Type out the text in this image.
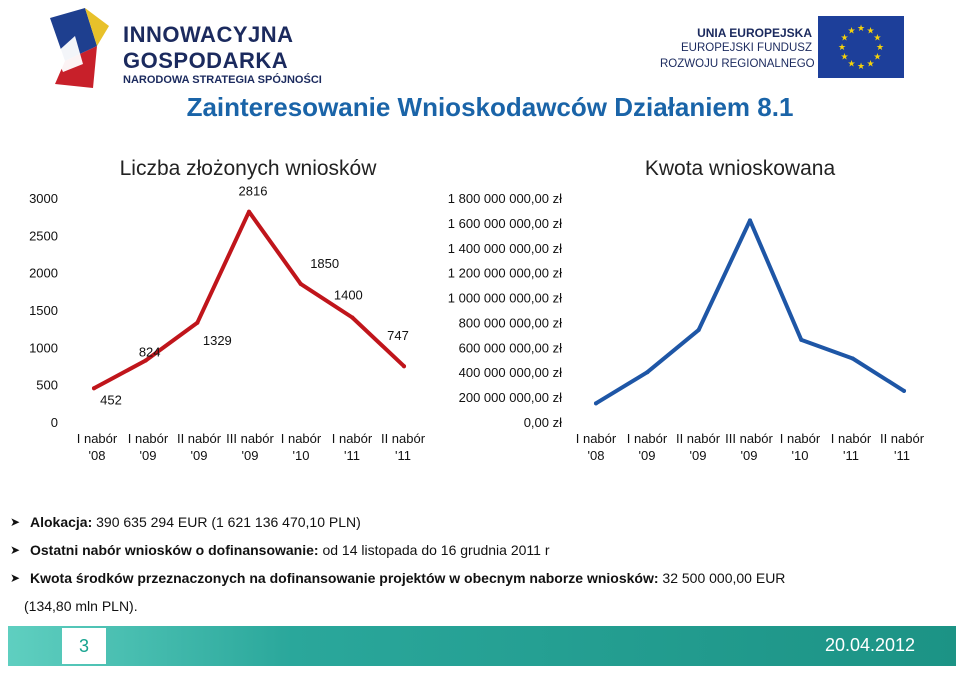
INNOWACYJNA
GOSPODARKA
NARODOWA STRATEGIA SPÓJNOŚCI
UNIA EUROPEJSKA
EUROPEJSKI FUNDUSZ
ROZWOJU REGIONALNEGO
★
★
★
★
★
★
★
★
★ ★ ★
★
Zainteresowanie Wnioskodawców Działaniem 8.1
Liczba złożonych wniosków
0
500
1000
1500
2000
2500
3000
I nabór
'08
I nabór
'09
II nabór
'09
III nabór
'09
I nabór
'10
I nabór
'11
II nabór
'11
452
824
1329
2816
1850
1400
747
Kwota wnioskowana
0,00 zł
200 000 000,00 zł
400 000 000,00 zł
600 000 000,00 zł
800 000 000,00 zł
1 000 000 000,00 zł
1 200 000 000,00 zł
1 400 000 000,00 zł
1 600 000 000,00 zł
1 800 000 000,00 zł
I nabór
'08
I nabór
'09
II nabór
'09
III nabór
'09
I nabór
'10
I nabór
'11
II nabór
'11
➤ Alokacja: 390 635 294 EUR (1 621 136 470,10 PLN)
➤ Ostatni nabór wniosków o dofinansowanie: od 14 listopada do 16 grudnia 2011 r
➤ Kwota środków przeznaczonych na dofinansowanie projektów w obecnym naborze wniosków: 32 500 000,00 EUR
(134,80 mln PLN).
3	20.04.2012
